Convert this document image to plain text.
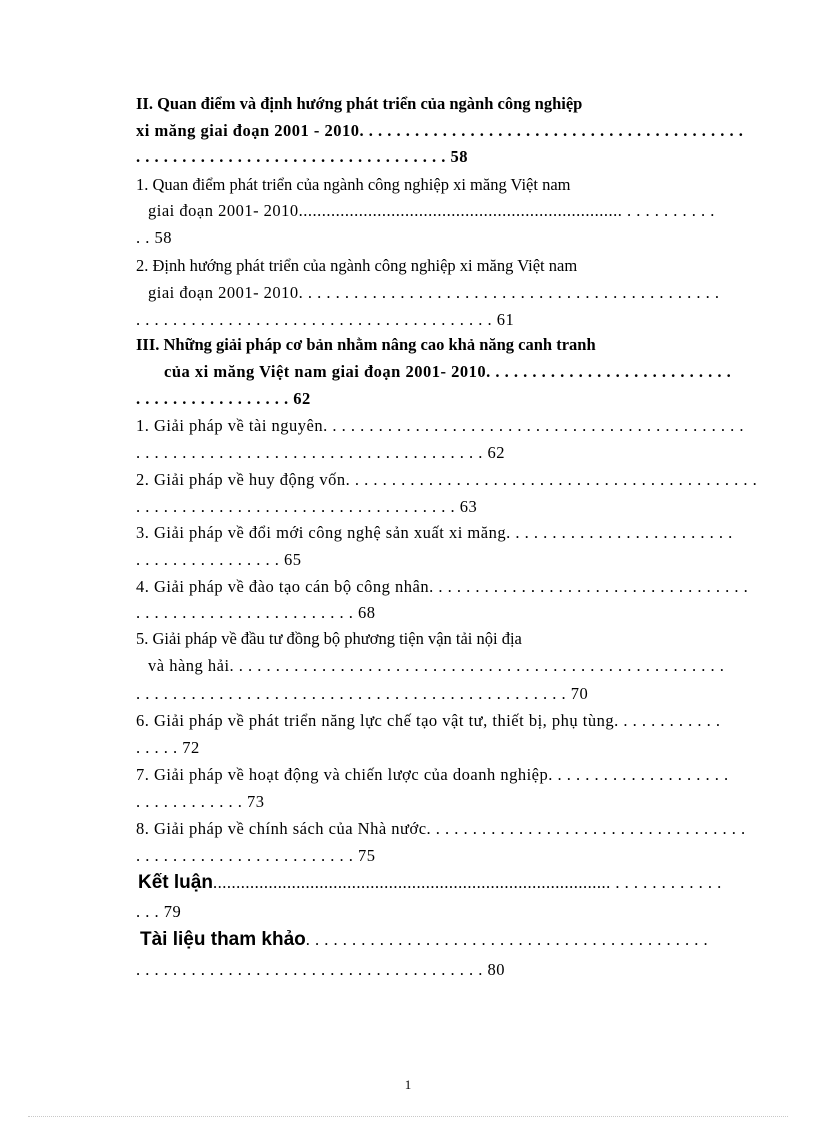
II. Quan điểm và định hướng phát triển của ngành công nghiệp

xi măng giai đoạn 2001 - 2010. . . . . . . . . . . . . . . . . . . . . . . . . . . . . . . . . . . . . . . . . .

. . . . . . . . . . . . . . . . . . . . . . . . . . . . . . . . . . 58

1. Quan điểm phát triển của ngành công nghiệp xi măng Việt nam

giai đoạn 2001- 2010...................................................................... . . . . . . . . . .

. . 58

2. Định hướng phát triển của ngành công nghiệp xi măng Việt nam

giai đoạn 2001- 2010. . . . . . . . . . . . . . . . . . . . . . . . . . . . . . . . . . . . . . . . . . . . . .

. . . . . . . . . . . . . . . . . . . . . . . . . . . . . . . . . . . . . . . 61

III. Những giải pháp cơ bản nhằm nâng cao khả năng canh tranh

của xi măng Việt nam giai đoạn 2001- 2010. . . . . . . . . . . . . . . . . . . . . . . . . . .

. . . . . . . . . . . . . . . . . 62

1. Giải pháp về tài nguyên. . . . . . . . . . . . . . . . . . . . . . . . . . . . . . . . . . . . . . . . . . . . . .

. . . . . . . . . . . . . . . . . . . . . . . . . . . . . . . . . . . . . . 62

2. Giải pháp về huy động vốn. . . . . . . . . . . . . . . . . . . . . . . . . . . . . . . . . . . . . . . . . . . . .

. . . . . . . . . . . . . . . . . . . . . . . . . . . . . . . . . . . 63

3. Giải pháp về đổi mới công nghệ sản xuất xi măng. . . . . . . . . . . . . . . . . . . . . . . . .

. . . . . . . . . . . . . . . . 65

4. Giải pháp về đào tạo cán bộ công nhân. . . . . . . . . . . . . . . . . . . . . . . . . . . . . . . . . . .

. . . . . . . . . . . . . . . . . . . . . . . . 68

5. Giải pháp về đầu tư đồng bộ phương tiện vận tải nội địa

và hàng hải. . . . . . . . . . . . . . . . . . . . . . . . . . . . . . . . . . . . . . . . . . . . . . . . . . . . . .

. . . . . . . . . . . . . . . . . . . . . . . . . . . . . . . . . . . . . . . . . . . . . . . 70

6. Giải pháp về phát triển năng lực chế tạo vật tư, thiết bị, phụ tùng. . . . . . . . . . . .

. . . . . 72

7. Giải pháp về hoạt động và chiến lược của doanh nghiệp. . . . . . . . . . . . . . . . . . . .

. . . . . . . . . . . . 73

8. Giải pháp về chính sách của Nhà nước. . . . . . . . . . . . . . . . . . . . . . . . . . . . . . . . . . .

. . . . . . . . . . . . . . . . . . . . . . . . 75

Kết luận...................................................................................... . . . . . . . . . . . .

. . . 79

Tài liệu tham khảo. . . . . . . . . . . . . . . . . . . . . . . . . . . . . . . . . . . . . . . . . . . .

. . . . . . . . . . . . . . . . . . . . . . . . . . . . . . . . . . . . . . 80

1
